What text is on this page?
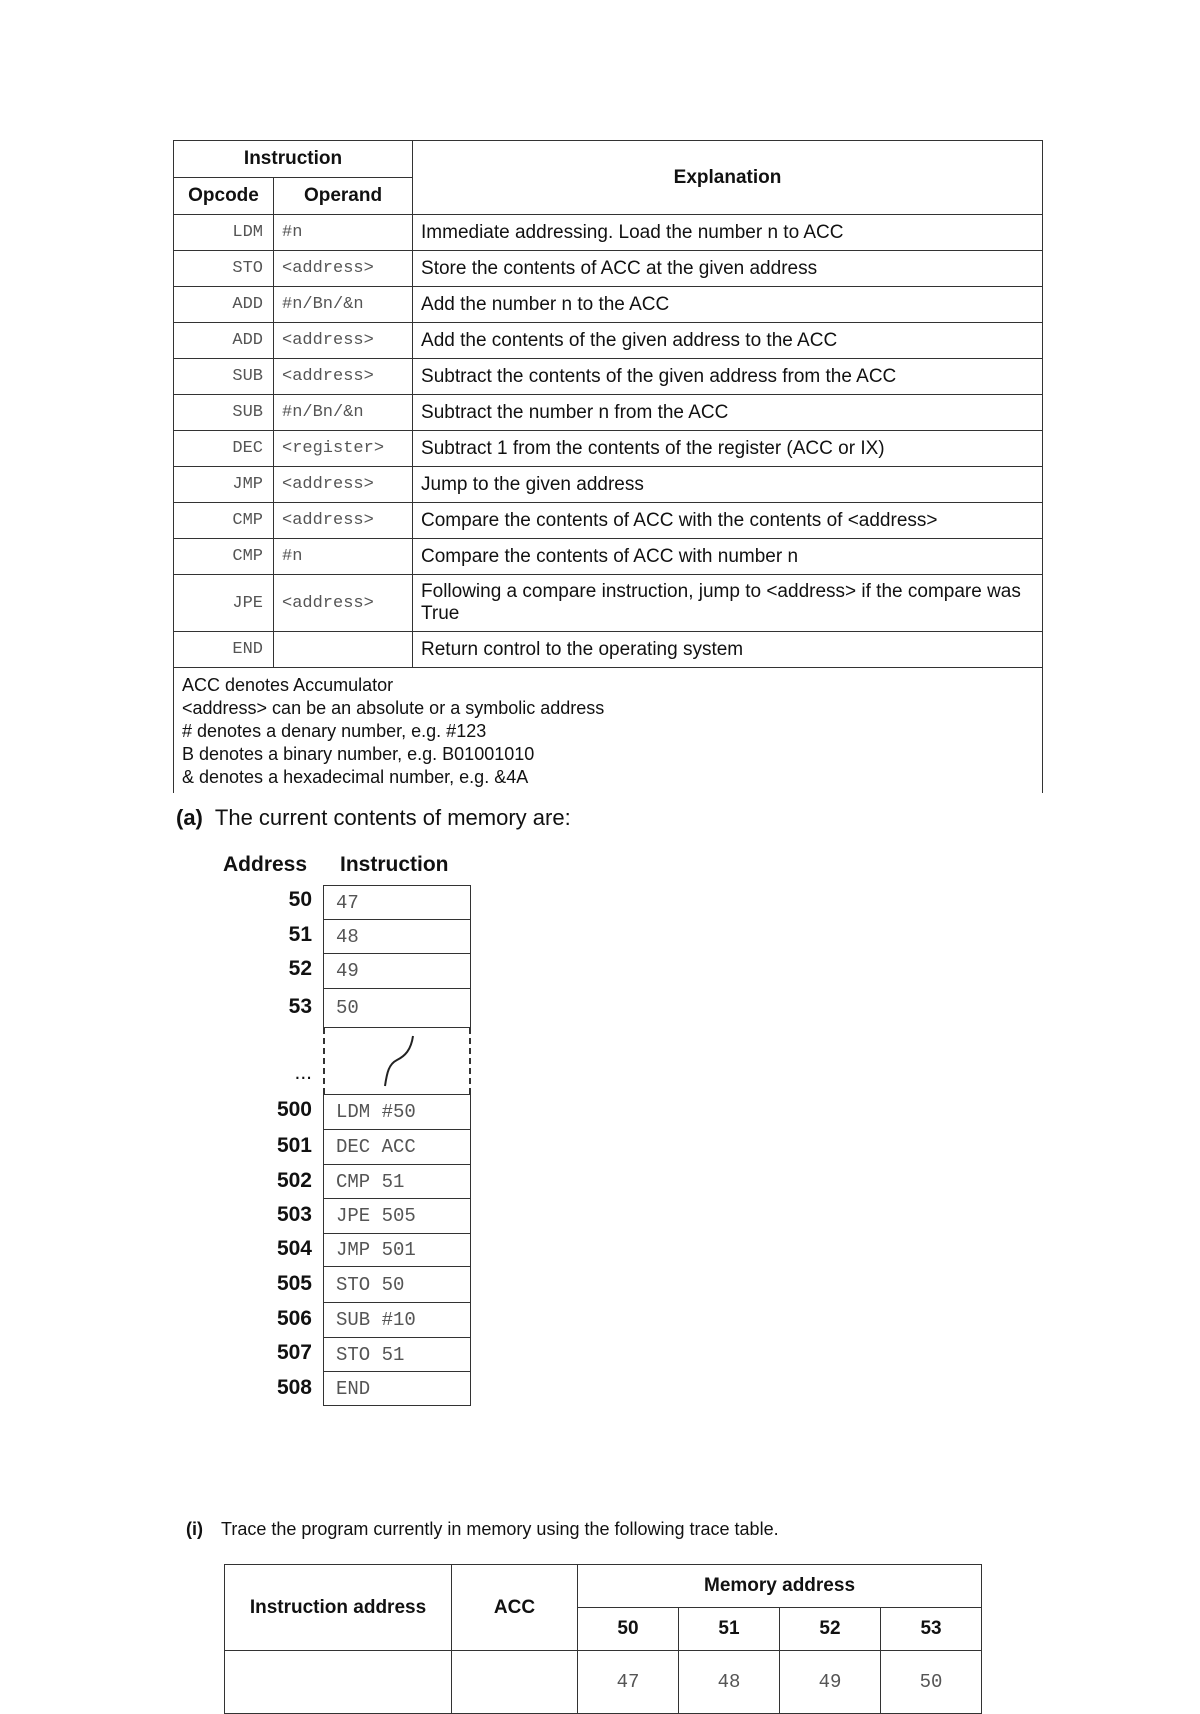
Instruction		Explanation
Opcode	Operand	
LDM	#n	Immediate addressing. Load the number n to ACC
STO	<address>	Store the contents of ACC at the given address
ADD	#n/Bn/&n	Add the number n to the ACC
ADD	<address>	Add the contents of the given address to the ACC
SUB	<address>	Subtract the contents of the given address from the ACC
SUB	#n/Bn/&n	Subtract the number n from the ACC
DEC	<register>	Subtract 1 from the contents of the register (ACC or IX)
JMP	<address>	Jump to the given address
CMP	<address>	Compare the contents of ACC with the contents of <address>
CMP	#n	Compare the contents of ACC with number n
JPE	<address>	Following a compare instruction, jump to <address> if the compare was True
END		Return control to the operating system

ACC denotes Accumulator
<address> can be an absolute or a symbolic address
# denotes a denary number, e.g. #123
B denotes a binary number, e.g. B01001010
& denotes a hexadecimal number, e.g. &4A		
(a) The current contents of memory are:
Address Instruction
50	47
51	48
52	49
53	50
...
500	LDM #50
501	DEC ACC
502	CMP 51
503	JPE 505
504	JMP 501
505	STO 50
506	SUB #10
507	STO 51
508	END
(i) Trace the program currently in memory using the following trace table.
Instruction address	ACC	Memory address			
		50	51	52	53
		47	48	49	50
